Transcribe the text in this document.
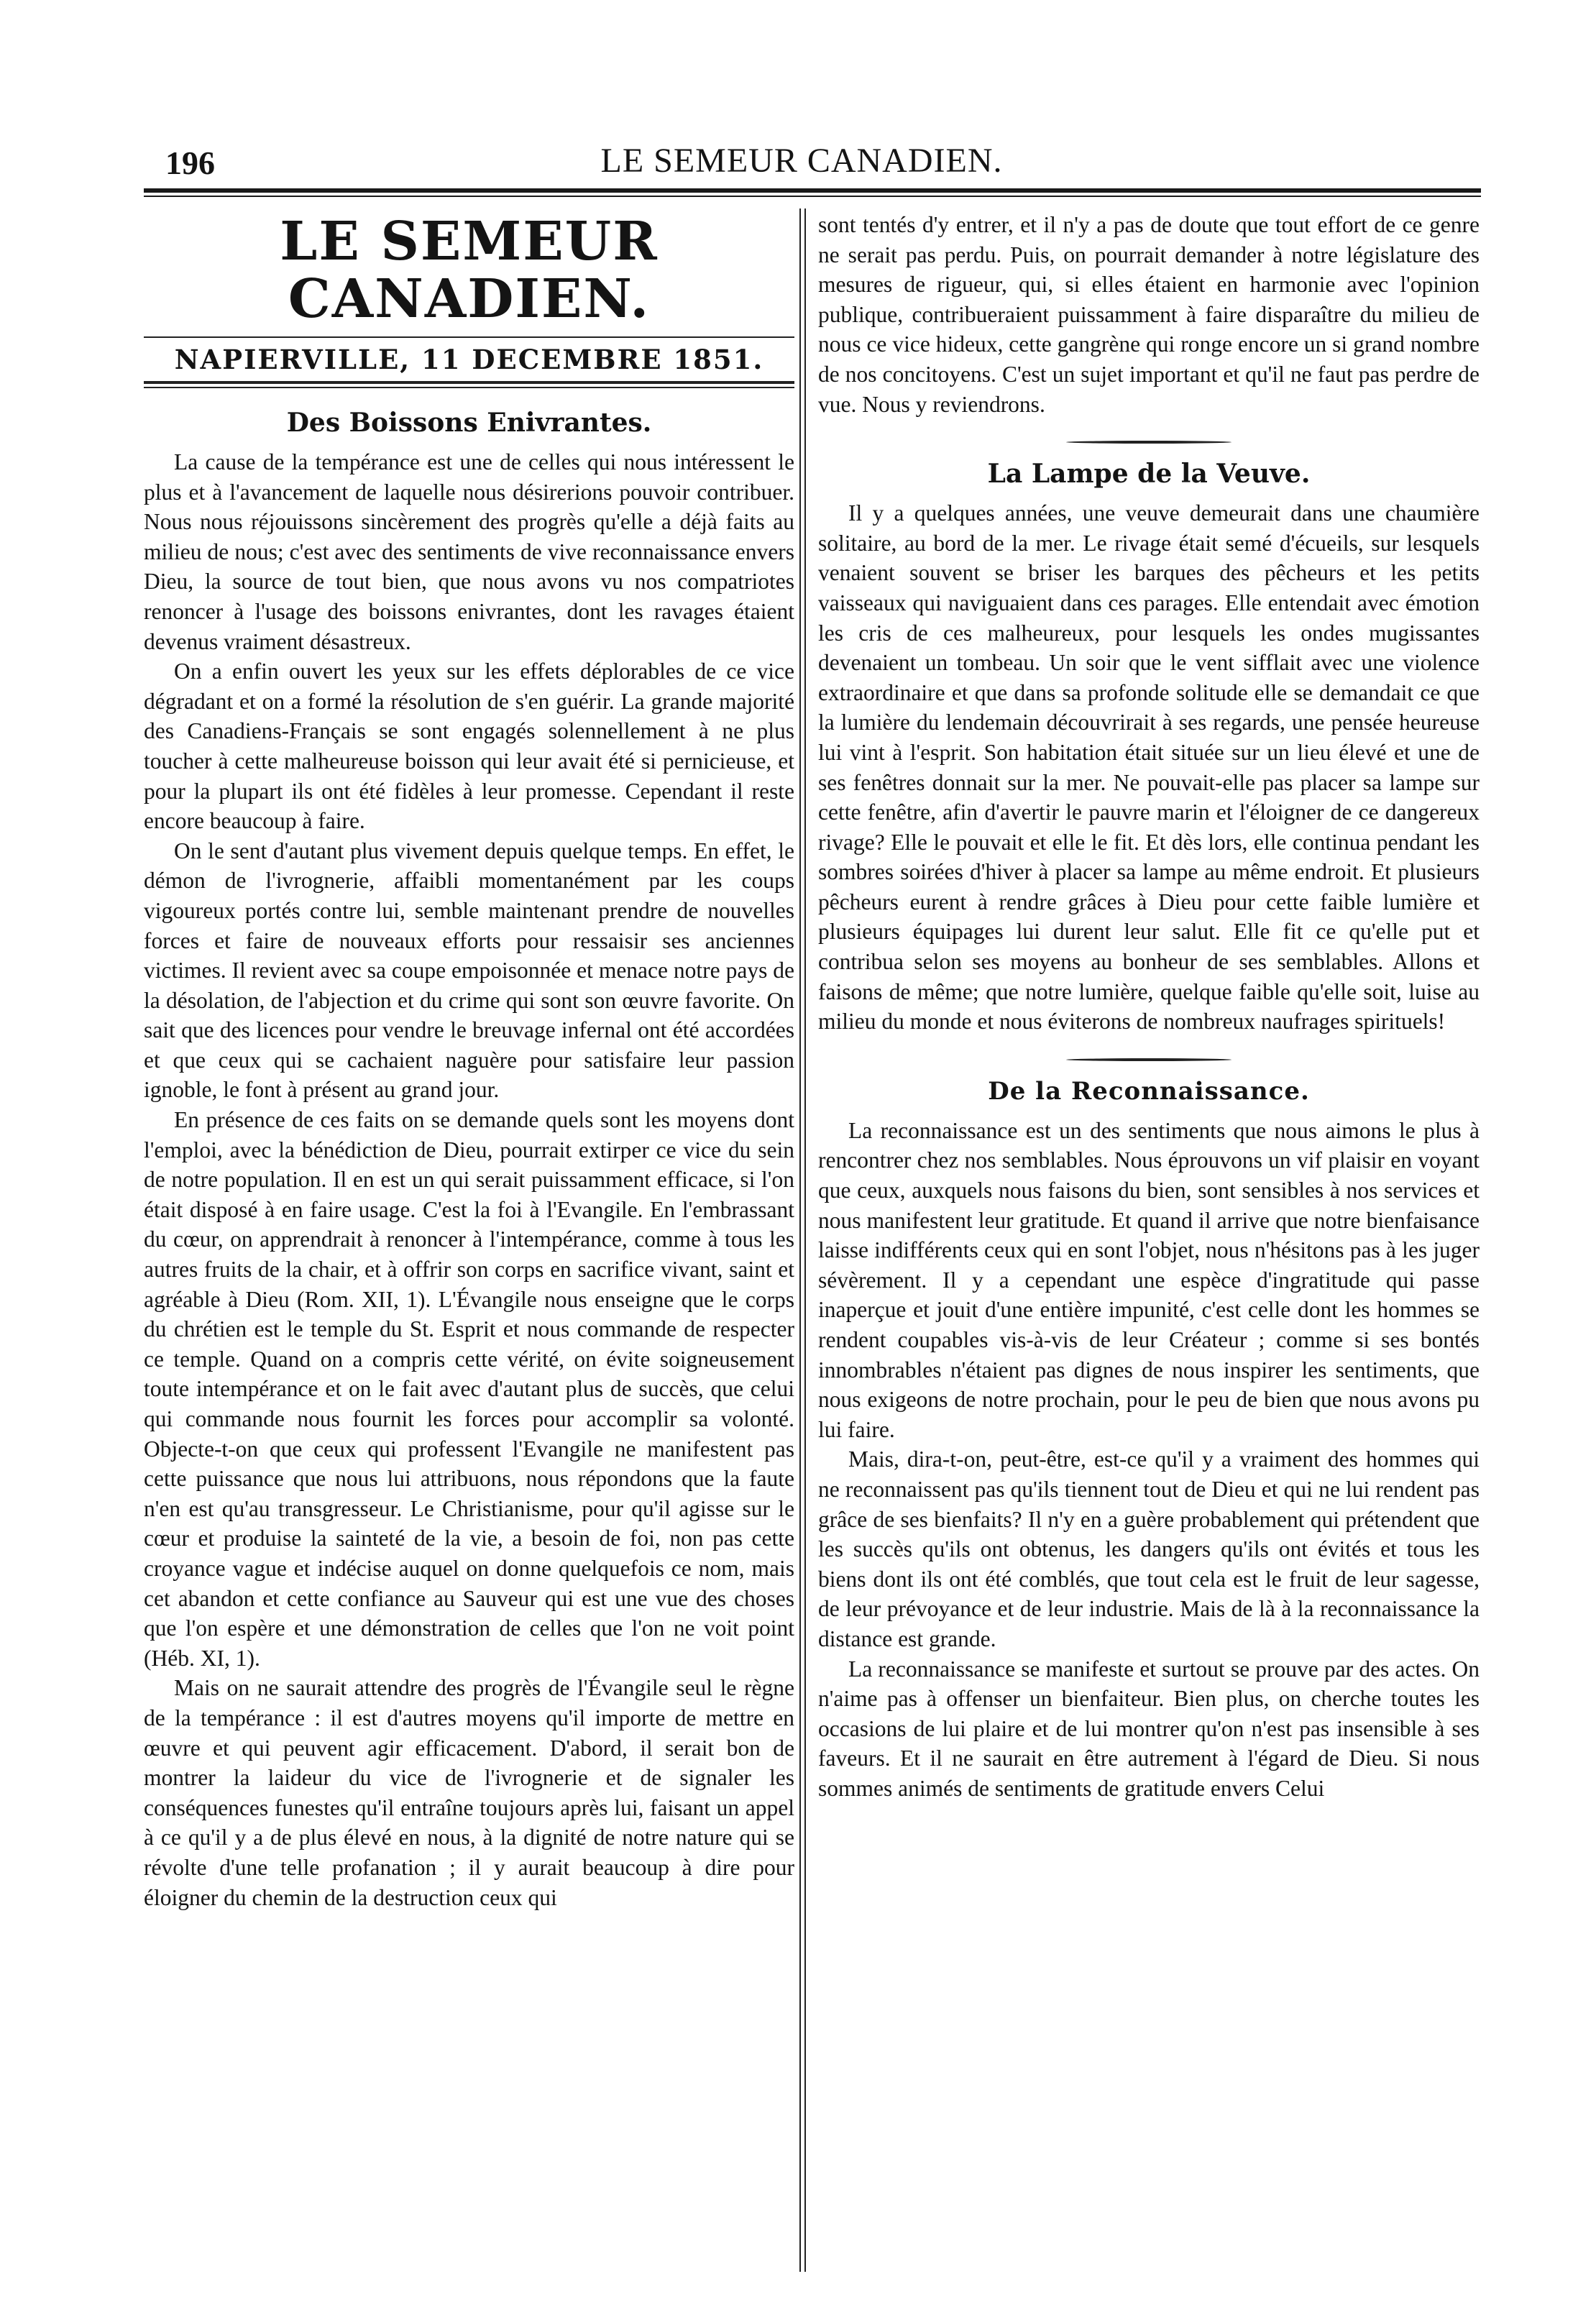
196	LE SEMEUR CANADIEN.
LE SEMEUR CANADIEN.
NAPIERVILLE, 11 DECEMBRE 1851.
Des Boissons Enivrantes.

La cause de la tempérance est une de celles qui nous intéressent le plus et à l'avancement de laquelle nous désirerions pouvoir contribuer. Nous nous réjouissons sincèrement des progrès qu'elle a déjà faits au milieu de nous; c'est avec des sentiments de vive reconnaissance envers Dieu, la source de tout bien, que nous avons vu nos compatriotes renoncer à l'usage des boissons enivrantes, dont les ravages étaient devenus vraiment désastreux.

On a enfin ouvert les yeux sur les effets déplorables de ce vice dégradant et on a formé la résolution de s'en guérir. La grande majorité des Canadiens-Français se sont engagés solennellement à ne plus toucher à cette malheureuse boisson qui leur avait été si pernicieuse, et pour la plupart ils ont été fidèles à leur promesse. Cependant il reste encore beaucoup à faire.

On le sent d'autant plus vivement depuis quelque temps. En effet, le démon de l'ivrognerie, affaibli momentanément par les coups vigoureux portés contre lui, semble maintenant prendre de nouvelles forces et faire de nouveaux efforts pour ressaisir ses anciennes victimes. Il revient avec sa coupe empoisonnée et menace notre pays de la désolation, de l'abjection et du crime qui sont son œuvre favorite. On sait que des licences pour vendre le breuvage infernal ont été accordées et que ceux qui se cachaient naguère pour satisfaire leur passion ignoble, le font à présent au grand jour.

En présence de ces faits on se demande quels sont les moyens dont l'emploi, avec la bénédiction de Dieu, pourrait extirper ce vice du sein de notre population. Il en est un qui serait puissamment efficace, si l'on était disposé à en faire usage. C'est la foi à l'Evangile. En l'embrassant du cœur, on apprendrait à renoncer à l'intempérance, comme à tous les autres fruits de la chair, et à offrir son corps en sacrifice vivant, saint et agréable à Dieu (Rom. XII, 1). L'Évangile nous enseigne que le corps du chrétien est le temple du St. Esprit et nous commande de respecter ce temple. Quand on a compris cette vérité, on évite soigneusement toute intempérance et on le fait avec d'autant plus de succès, que celui qui commande nous fournit les forces pour accomplir sa volonté. Objecte-t-on que ceux qui professent l'Evangile ne manifestent pas cette puissance que nous lui attribuons, nous répondons que la faute n'en est qu'au transgresseur. Le Christianisme, pour qu'il agisse sur le cœur et produise la sainteté de la vie, a besoin de foi, non pas cette croyance vague et indécise auquel on donne quelquefois ce nom, mais cet abandon et cette confiance au Sauveur qui est une vue des choses que l'on espère et une démonstration de celles que l'on ne voit point (Héb. XI, 1).

Mais on ne saurait attendre des progrès de l'Évangile seul le règne de la tempérance : il est d'autres moyens qu'il importe de mettre en œuvre et qui peuvent agir efficacement. D'abord, il serait bon de montrer la laideur du vice de l'ivrognerie et de signaler les conséquences funestes qu'il entraîne toujours après lui, faisant un appel à ce qu'il y a de plus élevé en nous, à la dignité de notre nature qui se révolte d'une telle profanation ; il y aurait beaucoup à dire pour éloigner du chemin de la destruction ceux qui

sont tentés d'y entrer, et il n'y a pas de doute que tout effort de ce genre ne serait pas perdu. Puis, on pourrait demander à notre législature des mesures de rigueur, qui, si elles étaient en harmonie avec l'opinion publique, contribueraient puissamment à faire disparaître du milieu de nous ce vice hideux, cette gangrène qui ronge encore un si grand nombre de nos concitoyens. C'est un sujet important et qu'il ne faut pas perdre de vue. Nous y reviendrons.

La Lampe de la Veuve.

Il y a quelques années, une veuve demeurait dans une chaumière solitaire, au bord de la mer. Le rivage était semé d'écueils, sur lesquels venaient souvent se briser les barques des pêcheurs et les petits vaisseaux qui naviguaient dans ces parages. Elle entendait avec émotion les cris de ces malheureux, pour lesquels les ondes mugissantes devenaient un tombeau. Un soir que le vent sifflait avec une violence extraordinaire et que dans sa profonde solitude elle se demandait ce que la lumière du lendemain découvrirait à ses regards, une pensée heureuse lui vint à l'esprit. Son habitation était située sur un lieu élevé et une de ses fenêtres donnait sur la mer. Ne pouvait-elle pas placer sa lampe sur cette fenêtre, afin d'avertir le pauvre marin et l'éloigner de ce dangereux rivage? Elle le pouvait et elle le fit. Et dès lors, elle continua pendant les sombres soirées d'hiver à placer sa lampe au même endroit. Et plusieurs pêcheurs eurent à rendre grâces à Dieu pour cette faible lumière et plusieurs équipages lui durent leur salut. Elle fit ce qu'elle put et contribua selon ses moyens au bonheur de ses semblables. Allons et faisons de même; que notre lumière, quelque faible qu'elle soit, luise au milieu du monde et nous éviterons de nombreux naufrages spirituels!

De la Reconnaissance.

La reconnaissance est un des sentiments que nous aimons le plus à rencontrer chez nos semblables. Nous éprouvons un vif plaisir en voyant que ceux, auxquels nous faisons du bien, sont sensibles à nos services et nous manifestent leur gratitude. Et quand il arrive que notre bienfaisance laisse indifférents ceux qui en sont l'objet, nous n'hésitons pas à les juger sévèrement. Il y a cependant une espèce d'ingratitude qui passe inaperçue et jouit d'une entière impunité, c'est celle dont les hommes se rendent coupables vis-à-vis de leur Créateur ; comme si ses bontés innombrables n'étaient pas dignes de nous inspirer les sentiments, que nous exigeons de notre prochain, pour le peu de bien que nous avons pu lui faire.

Mais, dira-t-on, peut-être, est-ce qu'il y a vraiment des hommes qui ne reconnaissent pas qu'ils tiennent tout de Dieu et qui ne lui rendent pas grâce de ses bienfaits? Il n'y en a guère probablement qui prétendent que les succès qu'ils ont obtenus, les dangers qu'ils ont évités et tous les biens dont ils ont été comblés, que tout cela est le fruit de leur sagesse, de leur prévoyance et de leur industrie. Mais de là à la reconnaissance la distance est grande.

La reconnaissance se manifeste et surtout se prouve par des actes. On n'aime pas à offenser un bienfaiteur. Bien plus, on cherche toutes les occasions de lui plaire et de lui montrer qu'on n'est pas insensible à ses faveurs. Et il ne saurait en être autrement à l'égard de Dieu. Si nous sommes animés de sentiments de gratitude envers Celui
